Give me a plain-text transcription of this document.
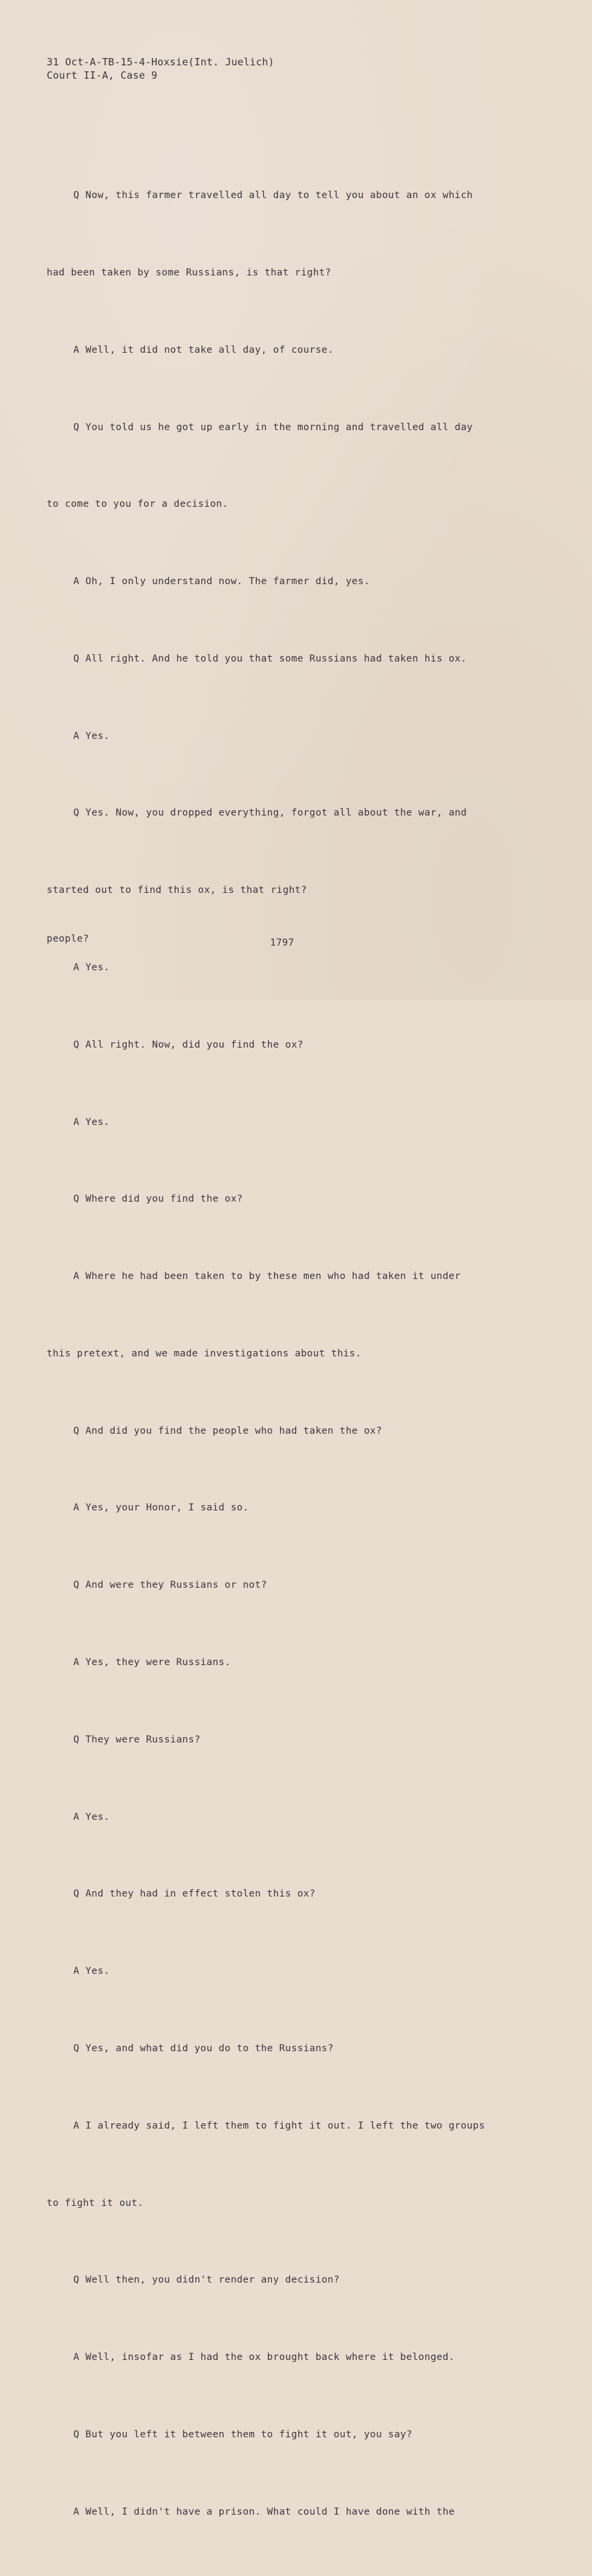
31 Oct-A-TB-15-4-Hoxsie(Int. Juelich)
Court II-A, Case 9

Q Now, this farmer travelled all day to tell you about an ox which

had been taken by some Russians, is that right?

A Well, it did not take all day, of course.

Q You told us he got up early in the morning and travelled all day

to come to you for a decision.

A Oh, I only understand now. The farmer did, yes.

Q All right. And he told you that some Russians had taken his ox.

A Yes.

Q Yes. Now, you dropped everything, forgot all about the war, and

started out to find this ox, is that right?

A Yes.

Q All right. Now, did you find the ox?

A Yes.

Q Where did you find the ox?

A Where he had been taken to by these men who had taken it under

this pretext, and we made investigations about this.

Q And did you find the people who had taken the ox?

A Yes, your Honor, I said so.

Q And were they Russians or not?

A Yes, they were Russians.

Q They were Russians?

A Yes.

Q And they had in effect stolen this ox?

A Yes.

Q Yes, and what did you do to the Russians?

A I already said, I left them to fight it out. I left the two groups

to fight it out.

Q Well then, you didn't render any decision?

A Well, insofar as I had the ox brought back where it belonged.

Q But you left it between them to fight it out, you say?

A Well, I didn't have a prison. What could I have done with the

people?	1797
